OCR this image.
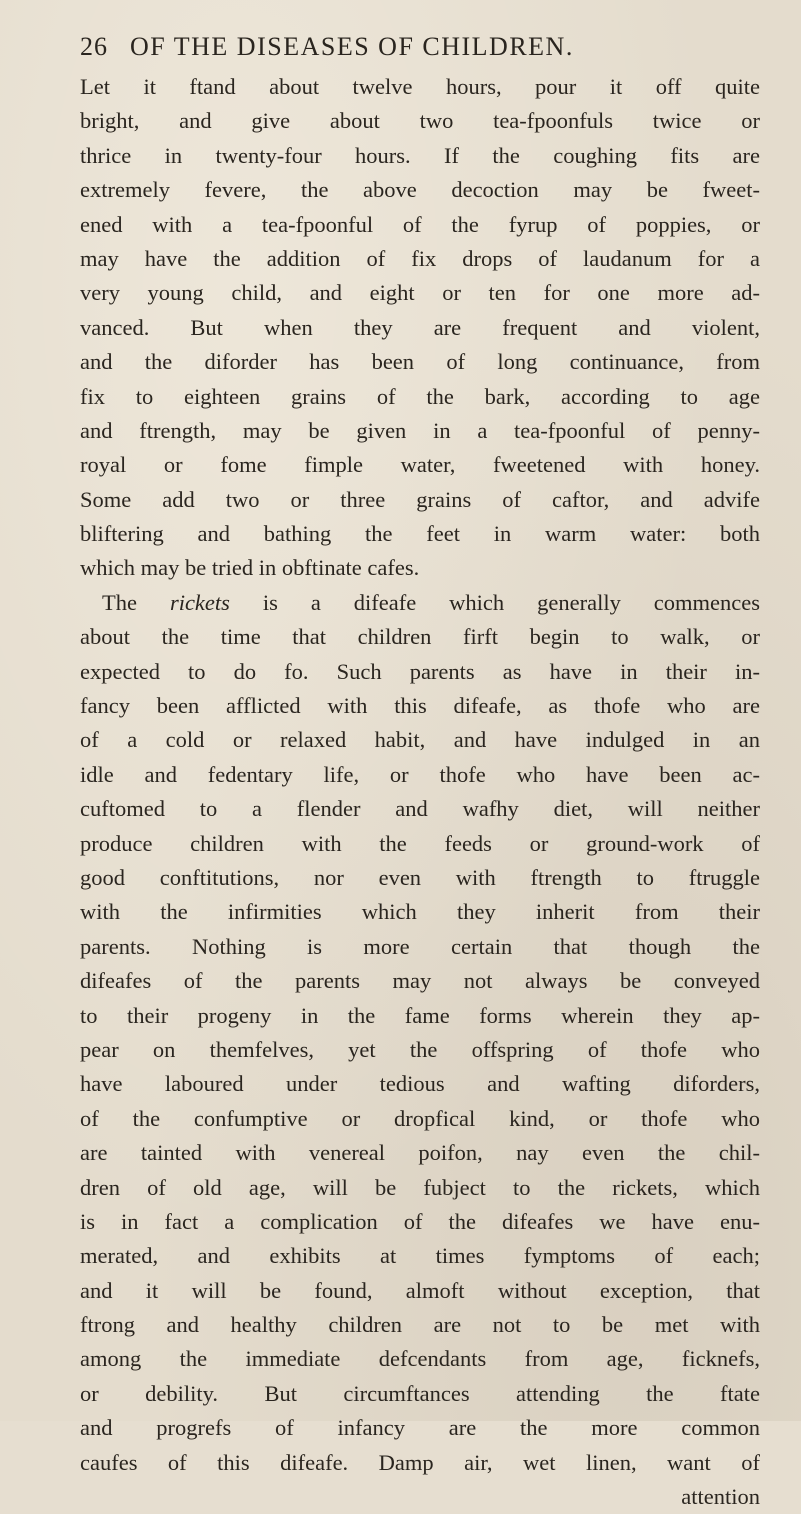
26 OF THE DISEASES OF CHILDREN.
Let it ftand about twelve hours, pour it off quite
bright, and give about two tea-fpoonfuls twice or
thrice in twenty-four hours. If the coughing fits are
extremely fevere, the above decoction may be fweet-
ened with a tea-fpoonful of the fyrup of poppies, or
may have the addition of fix drops of laudanum for a
very young child, and eight or ten for one more ad-
vanced. But when they are frequent and violent,
and the diforder has been of long continuance, from
fix to eighteen grains of the bark, according to age
and ftrength, may be given in a tea-fpoonful of penny-
royal or fome fimple water, fweetened with honey.
Some add two or three grains of caftor, and advife
bliftering and bathing the feet in warm water: both
which may be tried in obftinate cafes.
The rickets is a difeafe which generally commences
about the time that children firft begin to walk, or
expected to do fo. Such parents as have in their in-
fancy been afflicted with this difeafe, as thofe who are
of a cold or relaxed habit, and have indulged in an
idle and fedentary life, or thofe who have been ac-
cuftomed to a flender and wafhy diet, will neither
produce children with the feeds or ground-work of
good conftitutions, nor even with ftrength to ftruggle
with the infirmities which they inherit from their
parents. Nothing is more certain that though the
difeafes of the parents may not always be conveyed
to their progeny in the fame forms wherein they ap-
pear on themfelves, yet the offspring of thofe who
have laboured under tedious and wafting diforders,
of the confumptive or dropfical kind, or thofe who
are tainted with venereal poifon, nay even the chil-
dren of old age, will be fubject to the rickets, which
is in fact a complication of the difeafes we have enu-
merated, and exhibits at times fymptoms of each;
and it will be found, almoft without exception, that
ftrong and healthy children are not to be met with
among the immediate defcendants from age, ficknefs,
or debility. But circumftances attending the ftate
and progrefs of infancy are the more common
caufes of this difeafe. Damp air, wet linen, want of
attention
